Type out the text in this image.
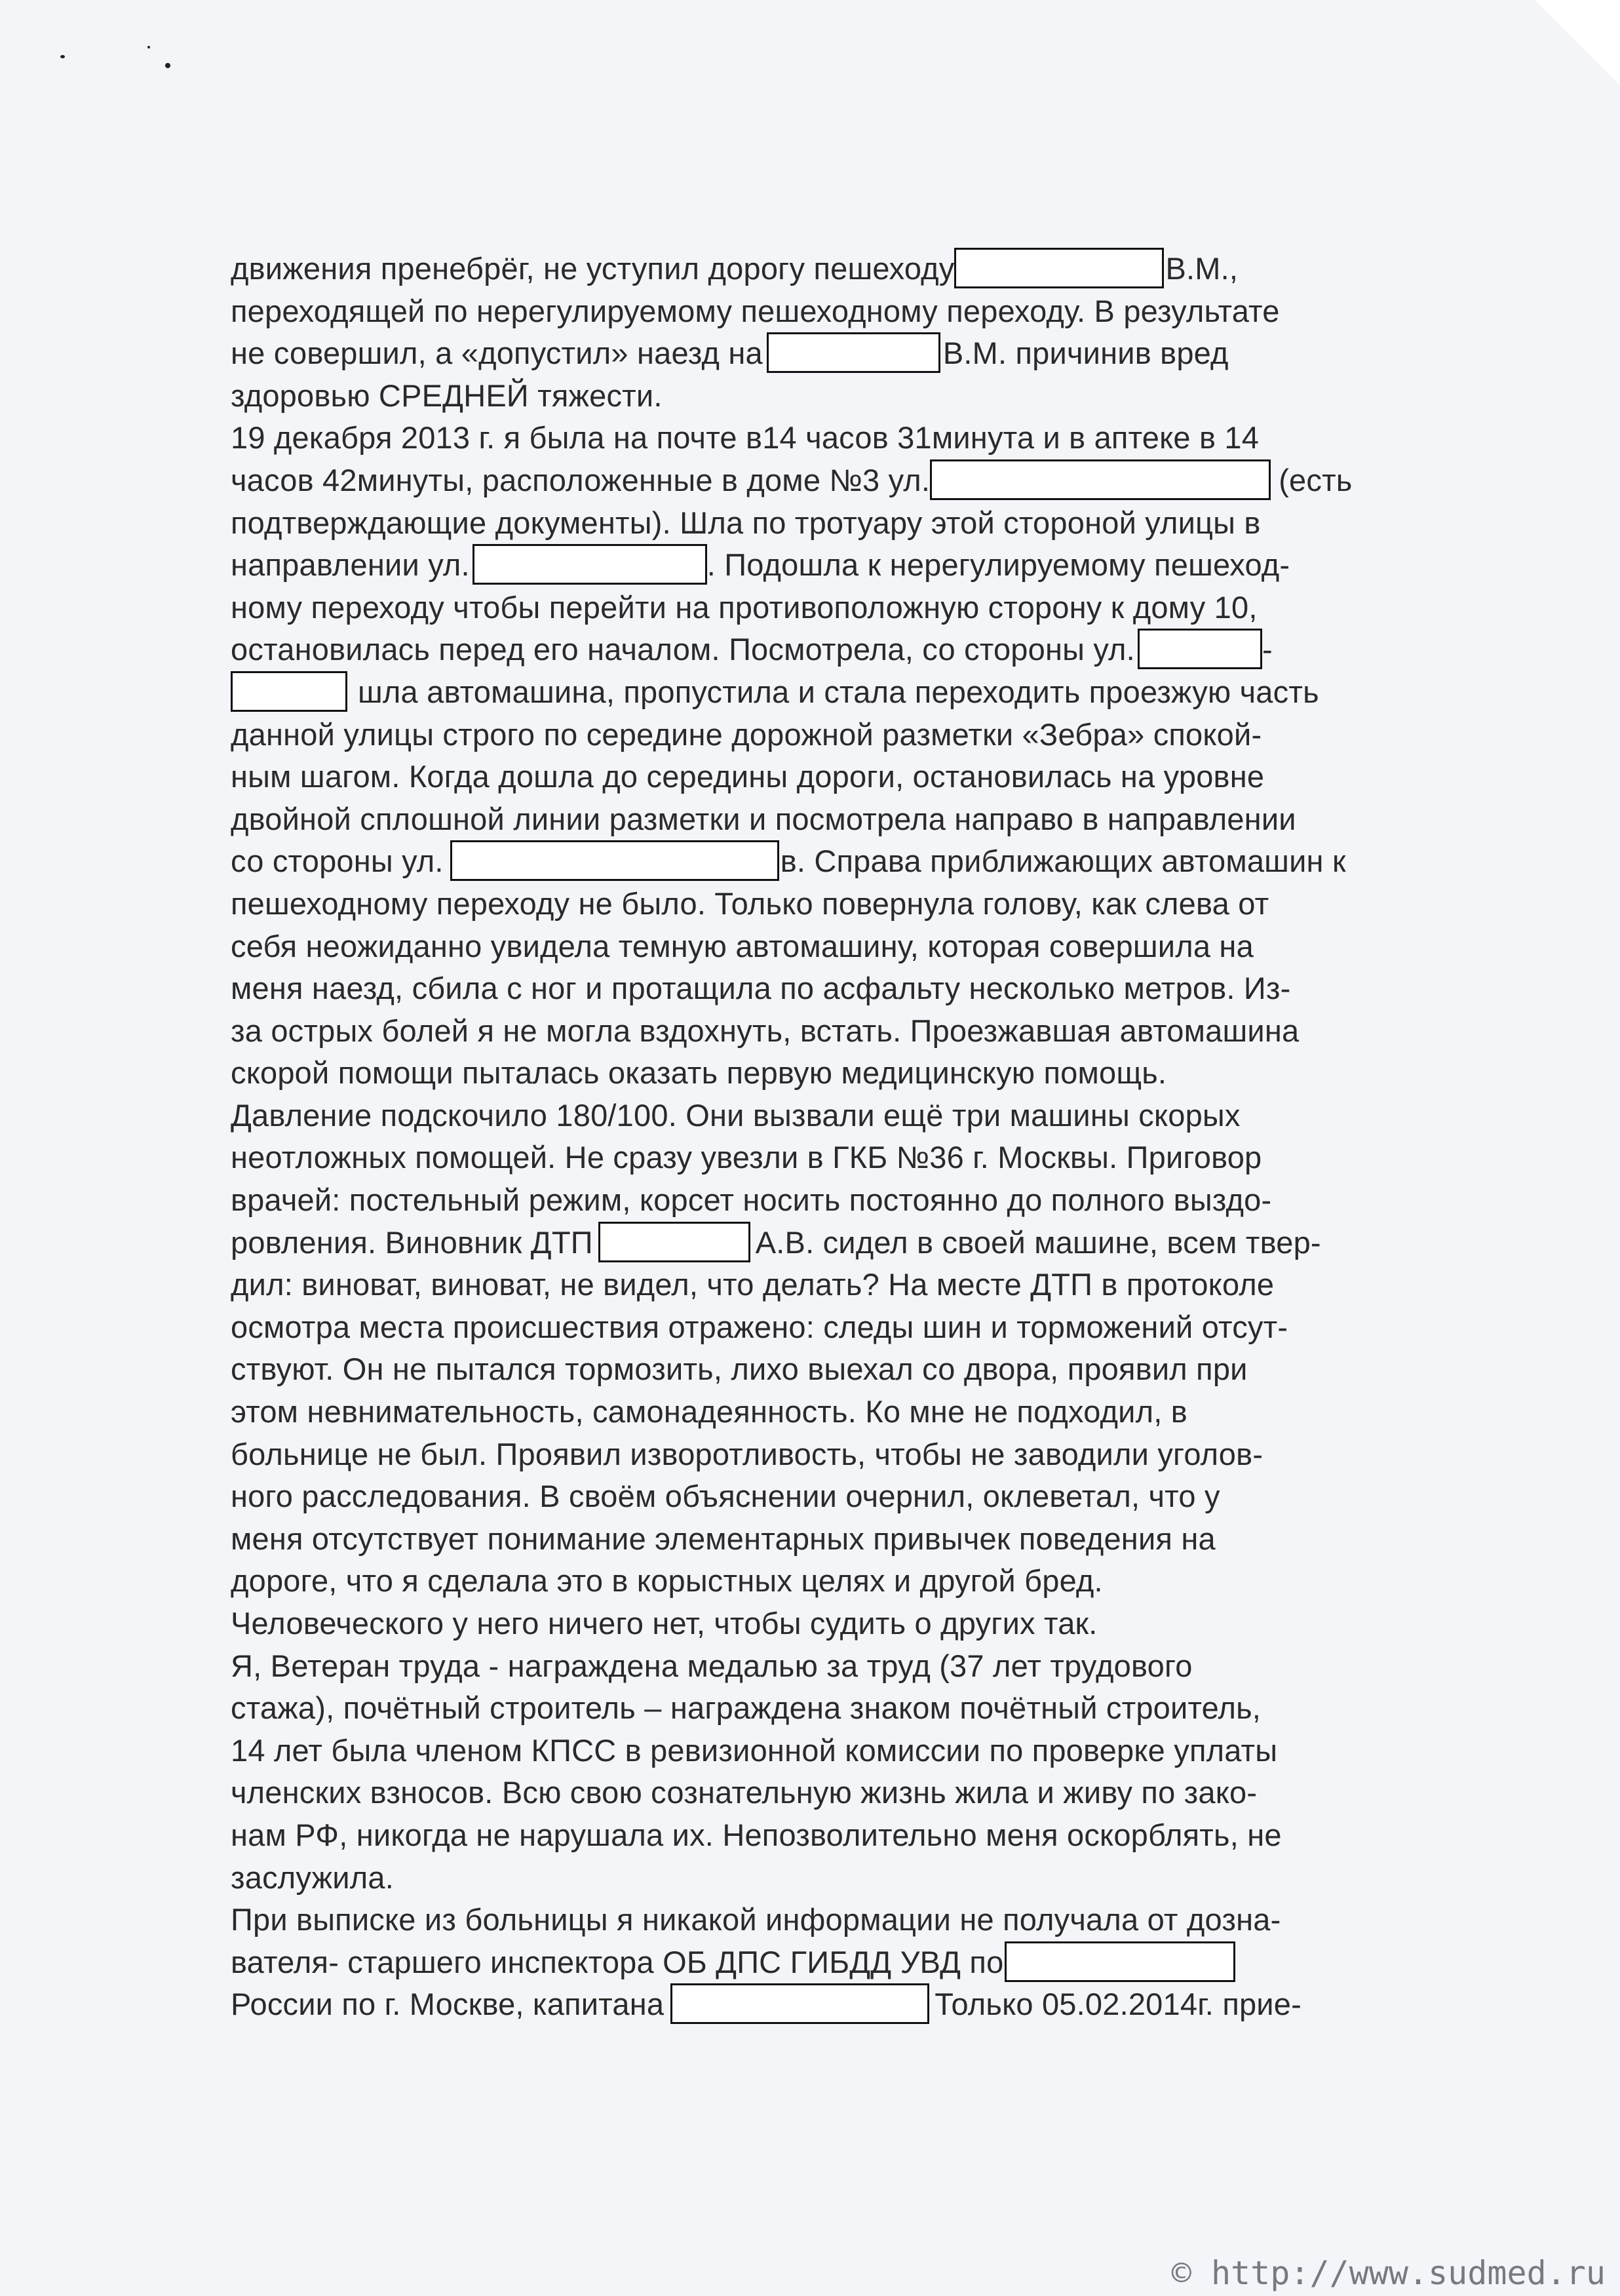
движения пренебрёг, не уступил дорогу пешеходу	В.М.,
переходящей по нерегулируемому пешеходному переходу. В результате
не совершил, а «допустил» наезд на	В.М. причинив вред
здоровью СРЕДНЕЙ тяжести.
19 декабря 2013 г. я была на почте в14 часов 31минута и в аптеке в 14
часов 42минуты, расположенные в доме №3 ул.	(есть
подтверждающие документы). Шла по тротуару этой стороной улицы в
направлении ул.	. Подошла к нерегулируемому пешеход-
ному переходу чтобы перейти на противоположную сторону к дому 10,
остановилась перед его началом. Посмотрела, со стороны ул.	-
шла автомашина, пропустила и стала переходить проезжую часть
данной улицы строго по середине дорожной разметки «Зебра» спокой-
ным шагом. Когда дошла до середины дороги, остановилась на уровне
двойной сплошной линии разметки и посмотрела направо в направлении
со стороны ул.	в. Справа приближающих автомашин к
пешеходному переходу не было. Только повернула голову, как слева от
себя неожиданно увидела темную автомашину, которая совершила на
меня наезд, сбила с ног и протащила по асфальту несколько метров. Из-
за острых болей я не могла вздохнуть, встать. Проезжавшая автомашина
скорой помощи пыталась оказать первую медицинскую помощь.
Давление подскочило 180/100. Они вызвали ещё три машины скорых
неотложных помощей. Не сразу увезли в ГКБ №36 г. Москвы. Приговор
врачей: постельный режим, корсет носить постоянно до полного выздо-
ровления. Виновник ДТП	А.В. сидел в своей машине, всем твер-
дил: виноват, виноват, не видел, что делать? На месте ДТП в протоколе
осмотра места происшествия отражено: следы шин и торможений отсут-
ствуют. Он не пытался тормозить, лихо выехал со двора, проявил при
этом невнимательность, самонадеянность. Ко мне не подходил, в
больнице не был. Проявил изворотливость, чтобы не заводили уголов-
ного расследования. В своём объяснении очернил, оклеветал, что у
меня отсутствует понимание элементарных привычек поведения на
дороге, что я сделала это в корыстных целях и другой бред.
Человеческого у него ничего нет, чтобы судить о других так.
Я, Ветеран труда - награждена медалью за труд (37 лет трудового
стажа), почётный строитель – награждена знаком почётный строитель,
14 лет была членом КПСС в ревизионной комиссии по проверке уплаты
членских взносов. Всю свою сознательную жизнь жила и живу по зако-
нам РФ, никогда не нарушала их. Непозволительно меня оскорблять, не
заслужила.
При выписке из больницы я никакой информации не получала от дозна-
вателя- старшего инспектора ОБ ДПС ГИБДД УВД по
России по г. Москве, капитана	Только 05.02.2014г. прие-
© http://www.sudmed.ru
